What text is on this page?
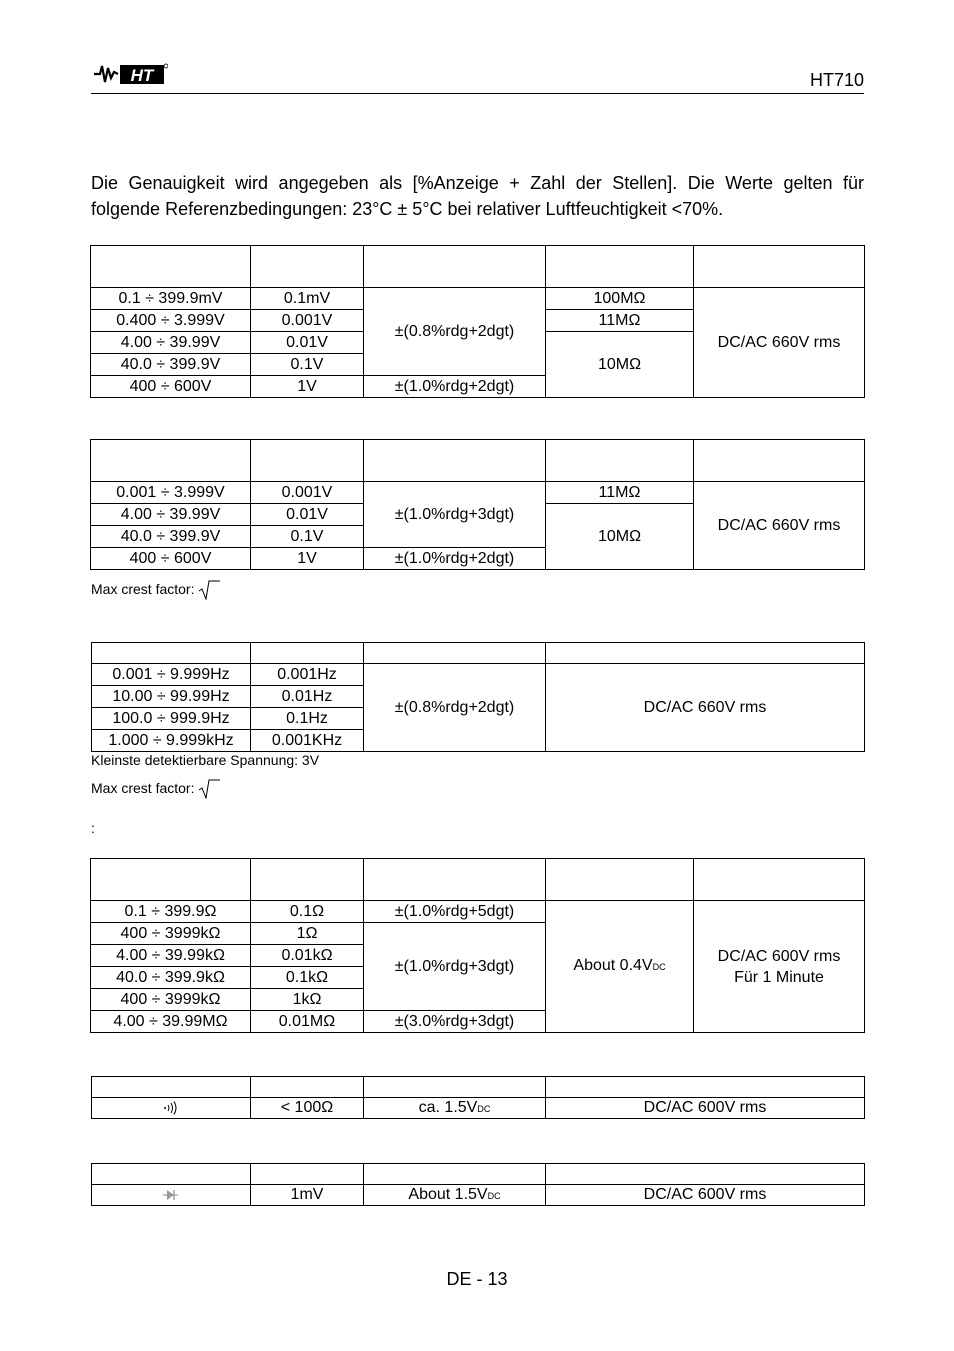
HT	HT710
Die Genauigkeit wird angegeben als [%Anzeige + Zahl der Stellen]. Die Werte gelten für folgende Referenzbedingungen: 23°C ± 5°C bei relativer Luftfeuchtigkeit <70%.

0.1 ÷ 399.9mV	0.1mV	±(0.8%rdg+2dgt)	100MΩ	DC/AC 660V rms
0.400 ÷ 3.999V	0.001V		11MΩ	
4.00 ÷ 39.99V	0.01V		10MΩ	
40.0 ÷ 399.9V	0.1V			
400 ÷ 600V	1V	±(1.0%rdg+2dgt)		

0.001 ÷ 3.999V	0.001V	±(1.0%rdg+3dgt)	11MΩ	DC/AC 660V rms
4.00 ÷ 39.99V	0.01V		10MΩ	
40.0 ÷ 399.9V	0.1V			
400 ÷ 600V	1V	±(1.0%rdg+2dgt)		
Max crest factor:

0.001 ÷ 9.999Hz	0.001Hz	±(0.8%rdg+2dgt)	DC/AC 660V rms
10.00 ÷ 99.99Hz	0.01Hz		
100.0 ÷ 999.9Hz	0.1Hz		
1.000 ÷ 9.999kHz	0.001KHz		
Kleinste detektierbare Spannung: 3V
Max crest factor:
:

0.1 ÷ 399.9Ω	0.1Ω	±(1.0%rdg+5dgt)	About 0.4VDC	DC/AC 600V rms
Für 1 Minute

400 ÷ 3999kΩ	1Ω	±(1.0%rdg+3dgt)		
4.00 ÷ 39.99kΩ	0.01kΩ			
40.0 ÷ 399.9kΩ	0.1kΩ			
400 ÷ 3999kΩ	1kΩ			
4.00 ÷ 39.99MΩ	0.01MΩ	±(3.0%rdg+3dgt)		

	< 100Ω	ca. 1.5VDC	DC/AC 600V rms

	1mV	About 1.5VDC	DC/AC 600V rms
DE - 13
